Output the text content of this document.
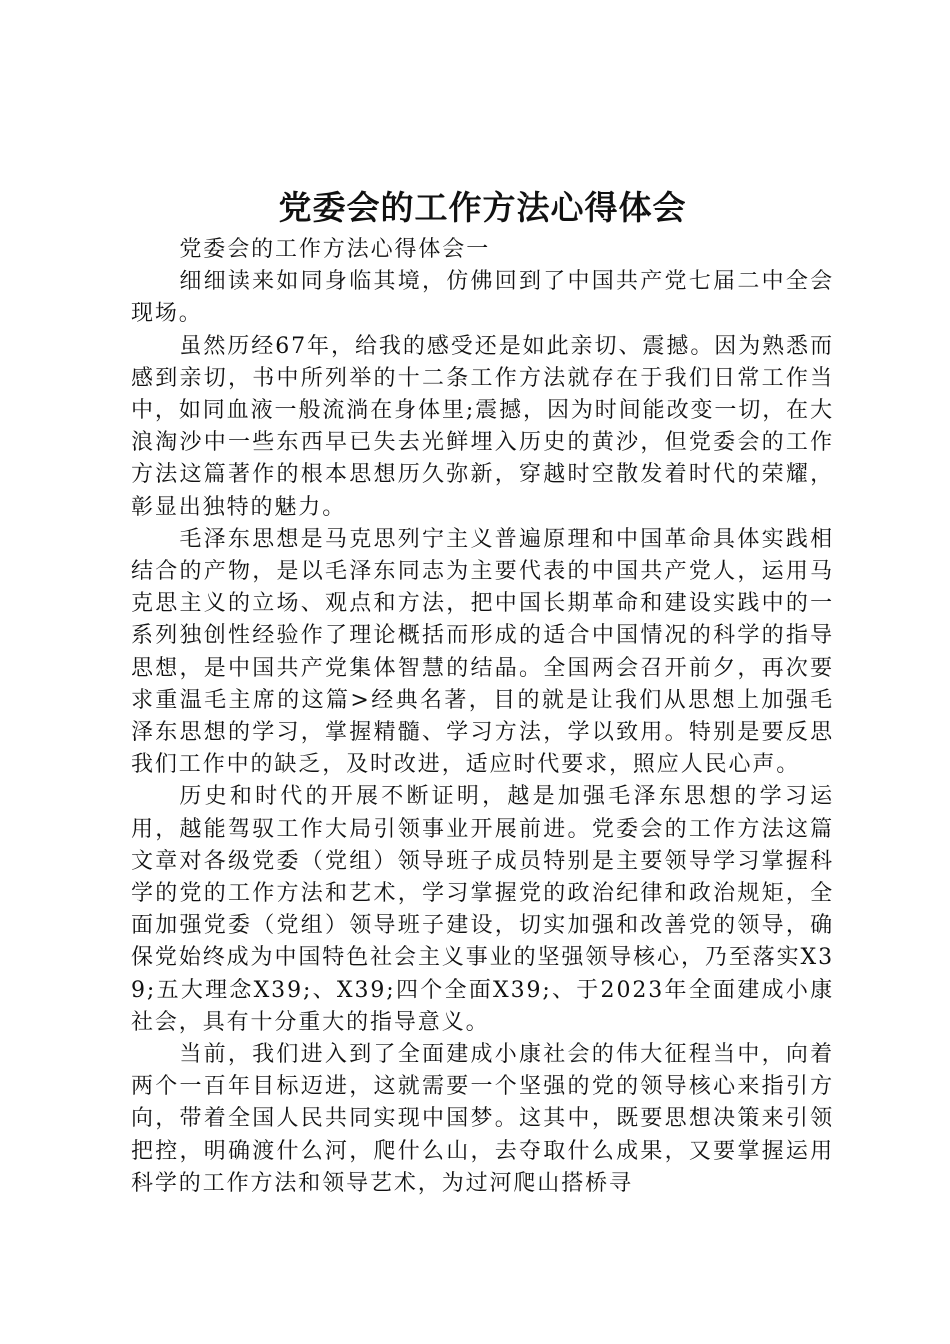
党委会的工作方法心得体会

党委会的工作方法心得体会一

细细读来如同身临其境，仿佛回到了中国共产党七届二中全会现场。

虽然历经67年，给我的感受还是如此亲切、震撼。因为熟悉而感到亲切，书中所列举的十二条工作方法就存在于我们日常工作当中，如同血液一般流淌在身体里;震撼，因为时间能改变一切，在大浪淘沙中一些东西早已失去光鲜埋入历史的黄沙，但党委会的工作方法这篇著作的根本思想历久弥新，穿越时空散发着时代的荣耀，彰显出独特的魅力。

毛泽东思想是马克思列宁主义普遍原理和中国革命具体实践相结合的产物，是以毛泽东同志为主要代表的中国共产党人，运用马克思主义的立场、观点和方法，把中国长期革命和建设实践中的一系列独创性经验作了理论概括而形成的适合中国情况的科学的指导思想，是中国共产党集体智慧的结晶。全国两会召开前夕，再次要求重温毛主席的这篇>经典名著，目的就是让我们从思想上加强毛泽东思想的学习，掌握精髓、学习方法，学以致用。特别是要反思我们工作中的缺乏，及时改进，适应时代要求，照应人民心声。

历史和时代的开展不断证明，越是加强毛泽东思想的学习运用，越能驾驭工作大局引领事业开展前进。党委会的工作方法这篇文章对各级党委（党组）领导班子成员特别是主要领导学习掌握科学的党的工作方法和艺术，学习掌握党的政治纪律和政治规矩，全面加强党委（党组）领导班子建设，切实加强和改善党的领导，确保党始终成为中国特色社会主义事业的坚强领导核心，乃至落实X39;五大理念X39;、X39;四个全面X39;、于2023年全面建成小康社会，具有十分重大的指导意义。

当前，我们进入到了全面建成小康社会的伟大征程当中，向着两个一百年目标迈进，这就需要一个坚强的党的领导核心来指引方向，带着全国人民共同实现中国梦。这其中，既要思想决策来引领把控，明确渡什么河，爬什么山，去夺取什么成果，又要掌握运用科学的工作方法和领导艺术，为过河爬山搭桥寻
